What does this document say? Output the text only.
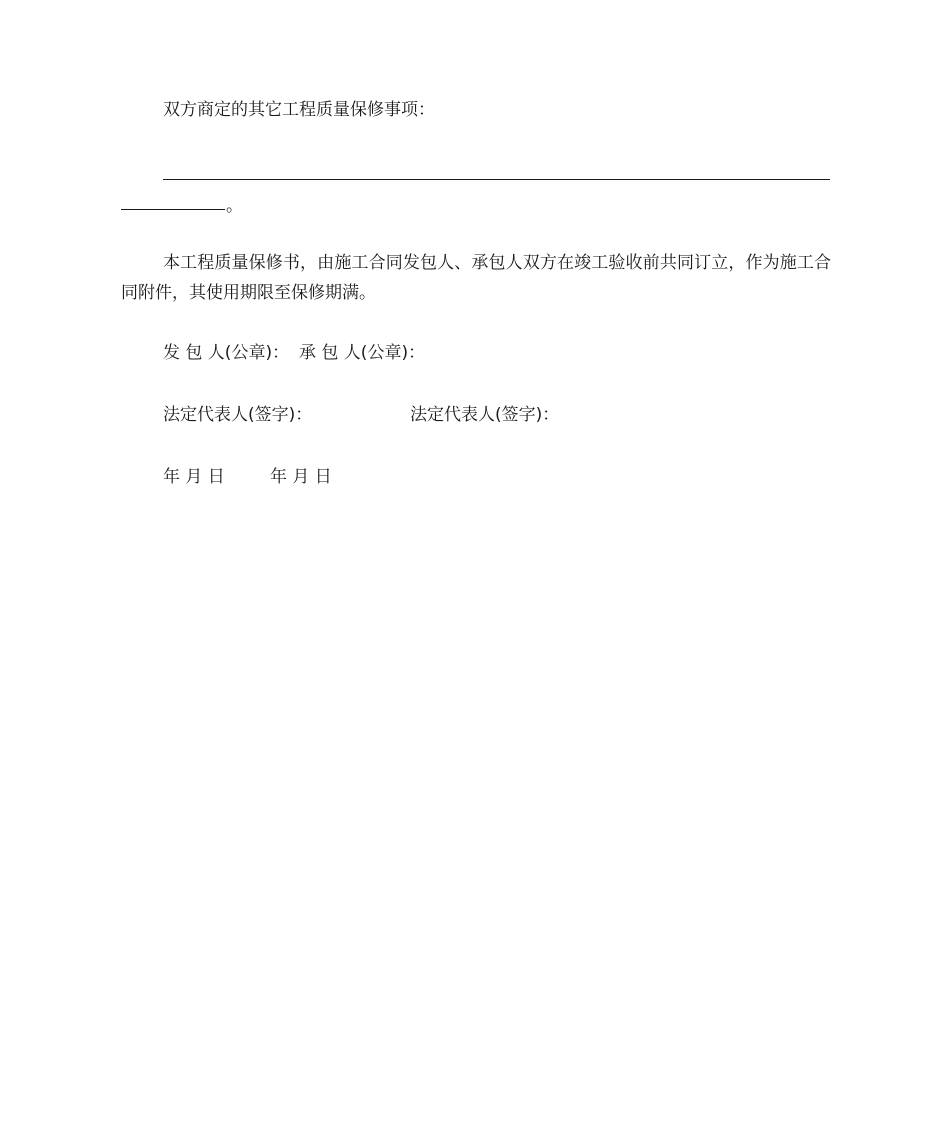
双方商定的其它工程质量保修事项：
。
本工程质量保修书，由施工合同发包人、承包人双方在竣工验收前共同订立，作为施工合同附件，其使用期限至保修期满。
发 包 人(公章)： 承 包 人(公章)：
法定代表人(签字)：	法定代表人(签字)：
年 月 日	年 月 日
